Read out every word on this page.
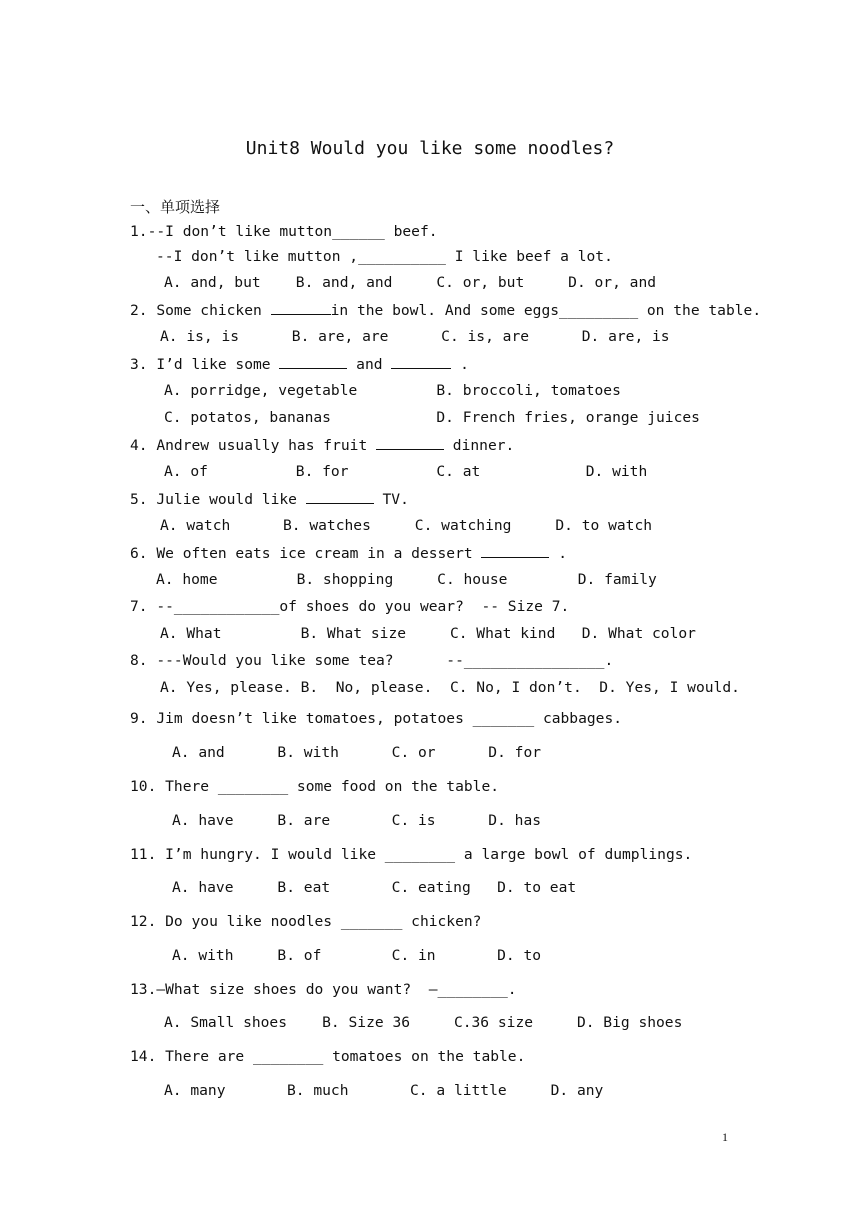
Unit8 Would you like some noodles?
一、单项选择
1.--I don’t like mutton______ beef.
--I don’t like mutton ,__________ I like beef a lot.
A. and, but    B. and, and     C. or, but     D. or, and
2. Some chicken	in the bowl. And some eggs_________ on the table.
A. is, is      B. are, are      C. is, are      D. are, is
3. I’d like some	and	.
A. porridge, vegetable         B. broccoli, tomatoes
C. potatos, bananas            D. French fries, orange juices
4. Andrew usually has fruit	dinner.
A. of          B. for          C. at            D. with
5. Julie would like	TV.
A. watch      B. watches     C. watching     D. to watch
6. We often eats ice cream in a dessert	.
A. home         B. shopping     C. house        D. family
7. --____________of shoes do you wear?  -- Size 7.
A. What         B. What size     C. What kind   D. What color
8. ---Would you like some tea?      --________________.
A. Yes, please. B.  No, please.  C. No, I don’t.  D. Yes, I would.
9. Jim doesn’t like tomatoes, potatoes _______ cabbages.
A. and      B. with      C. or      D. for
10. There ________ some food on the table.
A. have     B. are       C. is      D. has
11. I’m hungry. I would like ________ a large bowl of dumplings.
A. have     B. eat       C. eating   D. to eat
12. Do you like noodles _______ chicken?
A. with     B. of        C. in       D. to
13.—What size shoes do you want?  —________.
A. Small shoes    B. Size 36     C.36 size     D. Big shoes
14. There are ________ tomatoes on the table.
A. many       B. much       C. a little     D. any
1
